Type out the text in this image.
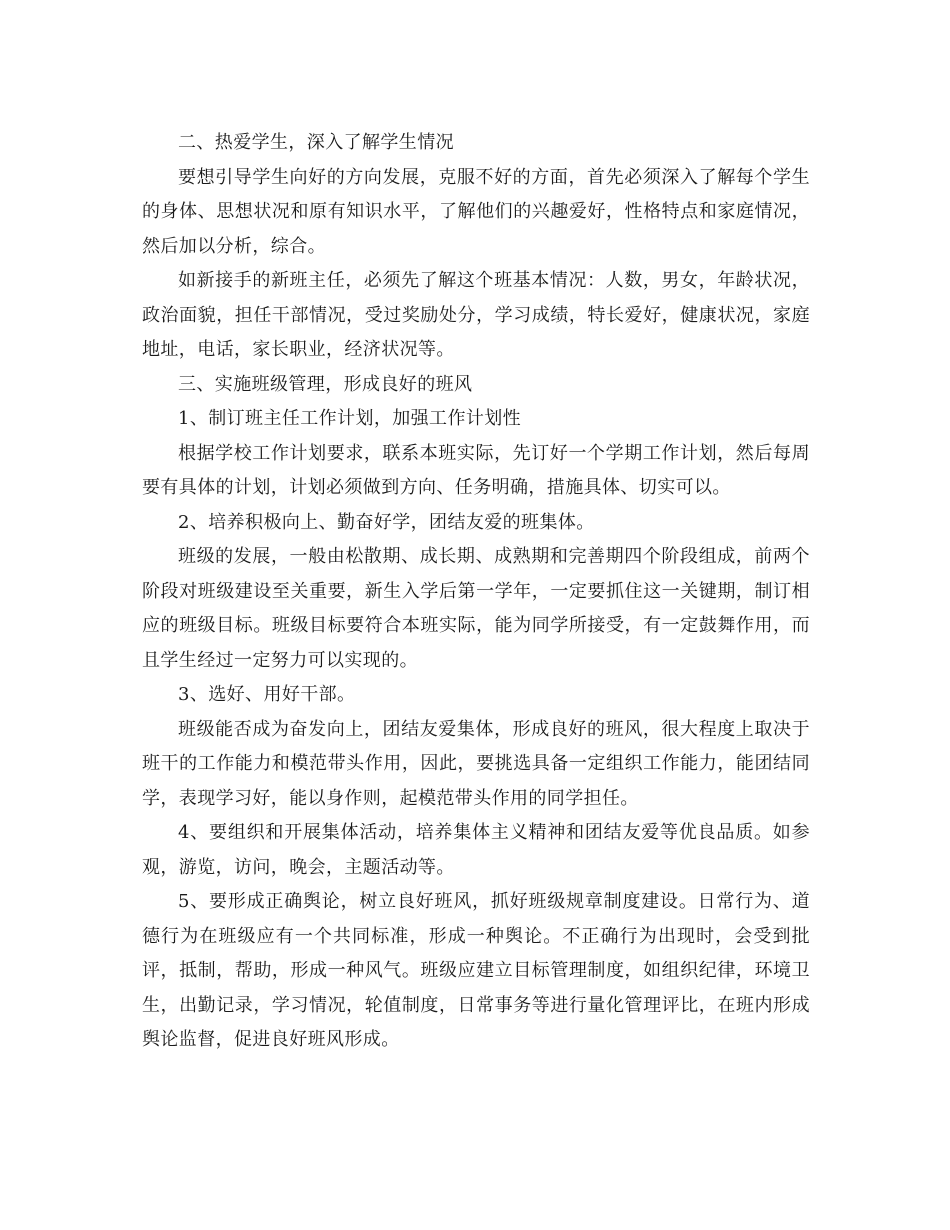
二、热爱学生，深入了解学生情况

要想引导学生向好的方向发展，克服不好的方面，首先必须深入了解每个学生的身体、思想状况和原有知识水平，了解他们的兴趣爱好，性格特点和家庭情况，然后加以分析，综合。

如新接手的新班主任，必须先了解这个班基本情况：人数，男女，年龄状况，政治面貌，担任干部情况，受过奖励处分，学习成绩，特长爱好，健康状况，家庭地址，电话，家长职业，经济状况等。

三、实施班级管理，形成良好的班风

1、制订班主任工作计划，加强工作计划性

根据学校工作计划要求，联系本班实际，先订好一个学期工作计划，然后每周要有具体的计划，计划必须做到方向、任务明确，措施具体、切实可以。

2、培养积极向上、勤奋好学，团结友爱的班集体。

班级的发展，一般由松散期、成长期、成熟期和完善期四个阶段组成，前两个阶段对班级建设至关重要，新生入学后第一学年，一定要抓住这一关键期，制订相应的班级目标。班级目标要符合本班实际，能为同学所接受，有一定鼓舞作用，而且学生经过一定努力可以实现的。

3、选好、用好干部。

班级能否成为奋发向上，团结友爱集体，形成良好的班风，很大程度上取决于班干的工作能力和模范带头作用，因此，要挑选具备一定组织工作能力，能团结同学，表现学习好，能以身作则，起模范带头作用的同学担任。

4、要组织和开展集体活动，培养集体主义精神和团结友爱等优良品质。如参观，游览，访问，晚会，主题活动等。

5、要形成正确舆论，树立良好班风，抓好班级规章制度建设。日常行为、道德行为在班级应有一个共同标准，形成一种舆论。不正确行为出现时，会受到批评，抵制，帮助，形成一种风气。班级应建立目标管理制度，如组织纪律，环境卫生，出勤记录，学习情况，轮值制度，日常事务等进行量化管理评比，在班内形成舆论监督，促进良好班风形成。
